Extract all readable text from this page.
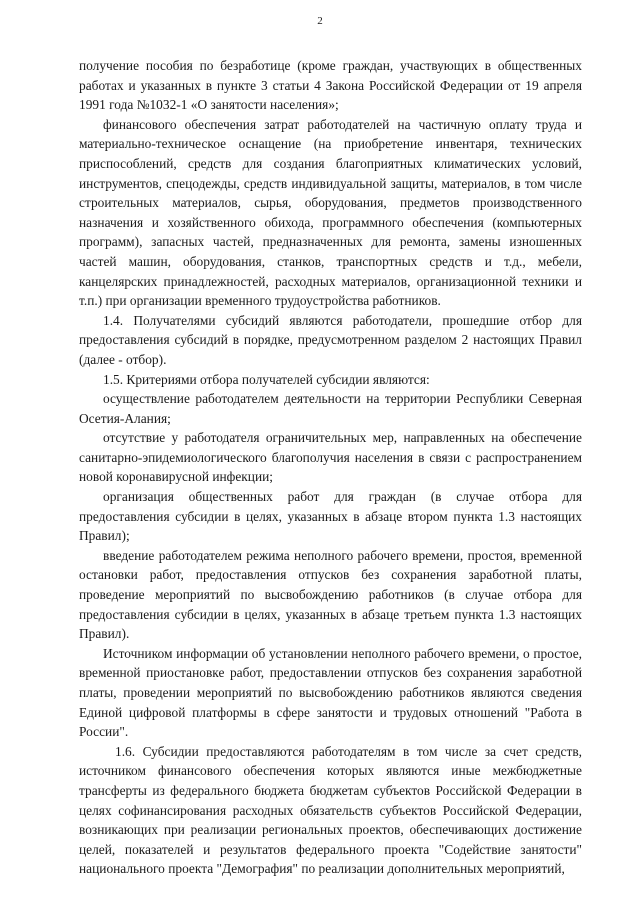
2

получение пособия по безработице (кроме граждан, участвующих в общественных работах и указанных в пункте 3 статьи 4 Закона Российской Федерации от 19 апреля 1991 года №1032-1 «О занятости населения»;

финансового обеспечения затрат работодателей на частичную оплату труда и материально-техническое оснащение (на приобретение инвентаря, технических приспособлений, средств для создания благоприятных климатических условий, инструментов, спецодежды, средств индивидуальной защиты, материалов, в том числе строительных материалов, сырья, оборудования, предметов производственного назначения и хозяйственного обихода, программного обеспечения (компьютерных программ), запасных частей, предназначенных для ремонта, замены изношенных частей машин, оборудования, станков, транспортных средств и т.д., мебели, канцелярских принадлежностей, расходных материалов, организационной техники и т.п.) при организации временного трудоустройства работников.

1.4. Получателями субсидий являются работодатели, прошедшие отбор для предоставления субсидий в порядке, предусмотренном разделом 2 настоящих Правил (далее - отбор).

1.5. Критериями отбора получателей субсидии являются:

осуществление работодателем деятельности на территории Республики Северная Осетия-Алания;

отсутствие у работодателя ограничительных мер, направленных на обеспечение санитарно-эпидемиологического благополучия населения в связи с распространением новой коронавирусной инфекции;

организация общественных работ для граждан (в случае отбора для предоставления субсидии в целях, указанных в абзаце втором пункта 1.3 настоящих Правил);

введение работодателем режима неполного рабочего времени, простоя, временной остановки работ, предоставления отпусков без сохранения заработной платы, проведение мероприятий по высвобождению работников (в случае отбора для предоставления субсидии в целях, указанных в абзаце третьем пункта 1.3 настоящих Правил).

Источником информации об установлении неполного рабочего времени, о простое, временной приостановке работ, предоставлении отпусков без сохранения заработной платы, проведении мероприятий по высвобождению работников являются сведения Единой цифровой платформы в сфере занятости и трудовых отношений "Работа в России".

1.6. Субсидии предоставляются работодателям в том числе за счет средств, источником финансового обеспечения которых являются иные межбюджетные трансферты из федерального бюджета бюджетам субъектов Российской Федерации в целях софинансирования расходных обязательств субъектов Российской Федерации, возникающих при реализации региональных проектов, обеспечивающих достижение целей, показателей и результатов федерального проекта "Содействие занятости" национального проекта "Демография" по реализации дополнительных мероприятий,
